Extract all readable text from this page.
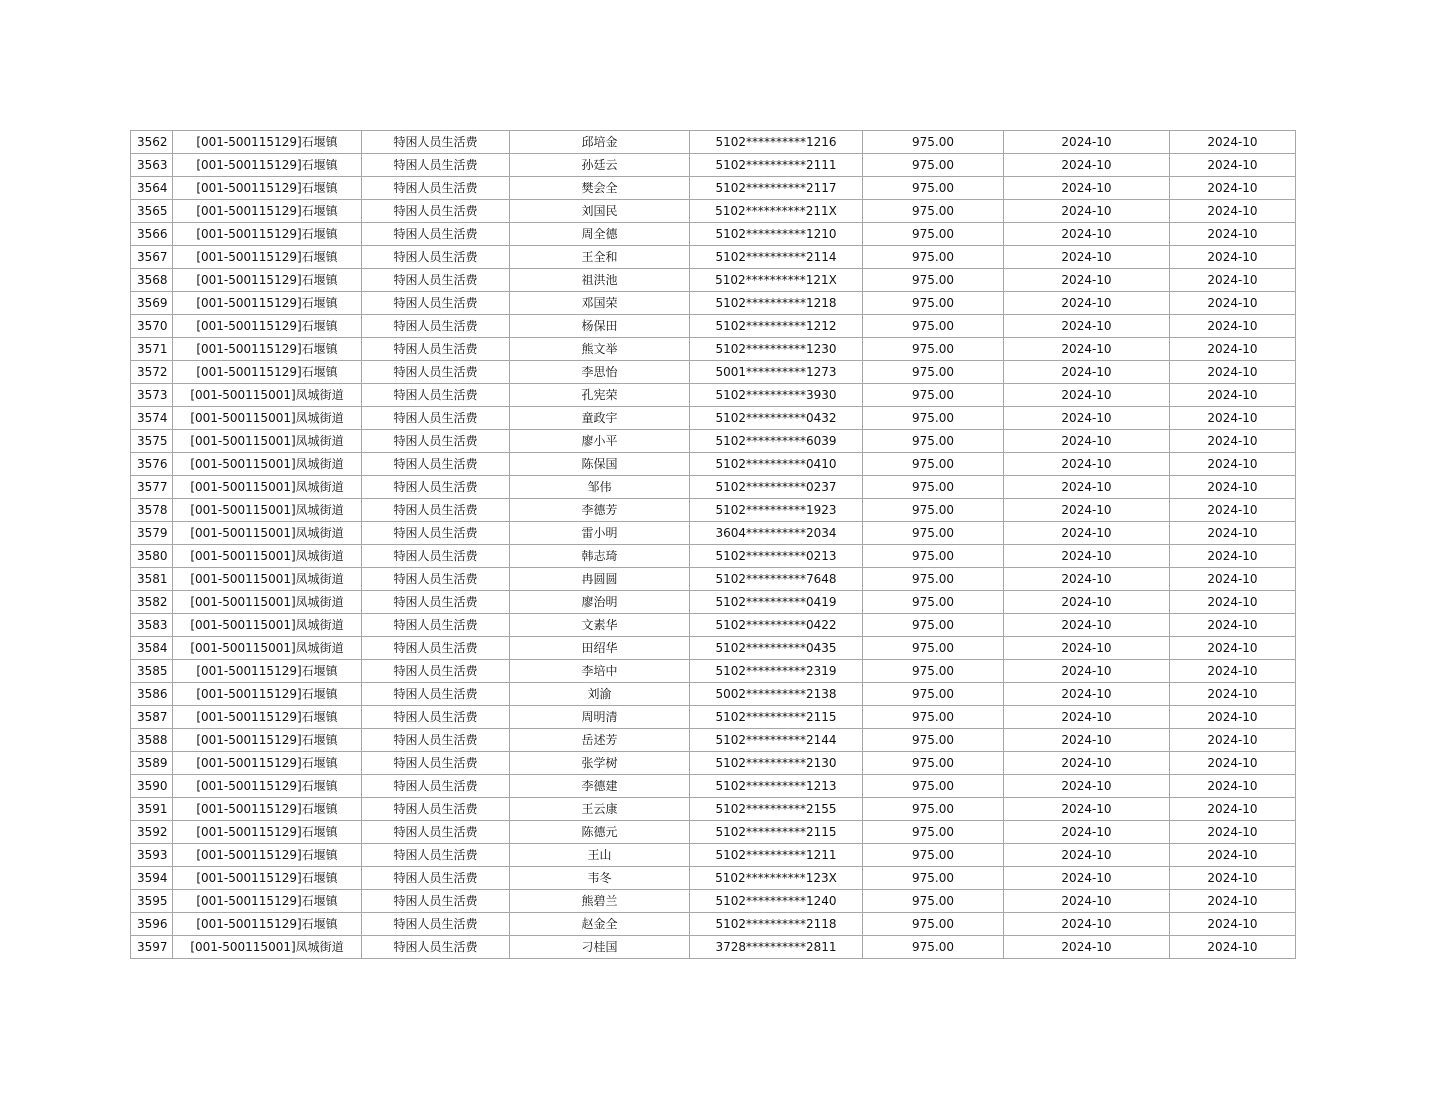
3562	[001-500115129]石堰镇	特困人员生活费	邱培金	5102**********1216	975.00	2024-10	2024-10
3563	[001-500115129]石堰镇	特困人员生活费	孙廷云	5102**********2111	975.00	2024-10	2024-10
3564	[001-500115129]石堰镇	特困人员生活费	樊会全	5102**********2117	975.00	2024-10	2024-10
3565	[001-500115129]石堰镇	特困人员生活费	刘国民	5102**********211X	975.00	2024-10	2024-10
3566	[001-500115129]石堰镇	特困人员生活费	周全德	5102**********1210	975.00	2024-10	2024-10
3567	[001-500115129]石堰镇	特困人员生活费	王全和	5102**********2114	975.00	2024-10	2024-10
3568	[001-500115129]石堰镇	特困人员生活费	祖洪池	5102**********121X	975.00	2024-10	2024-10
3569	[001-500115129]石堰镇	特困人员生活费	邓国荣	5102**********1218	975.00	2024-10	2024-10
3570	[001-500115129]石堰镇	特困人员生活费	杨保田	5102**********1212	975.00	2024-10	2024-10
3571	[001-500115129]石堰镇	特困人员生活费	熊文举	5102**********1230	975.00	2024-10	2024-10
3572	[001-500115129]石堰镇	特困人员生活费	李思怡	5001**********1273	975.00	2024-10	2024-10
3573	[001-500115001]凤城街道	特困人员生活费	孔宪荣	5102**********3930	975.00	2024-10	2024-10
3574	[001-500115001]凤城街道	特困人员生活费	童政宇	5102**********0432	975.00	2024-10	2024-10
3575	[001-500115001]凤城街道	特困人员生活费	廖小平	5102**********6039	975.00	2024-10	2024-10
3576	[001-500115001]凤城街道	特困人员生活费	陈保国	5102**********0410	975.00	2024-10	2024-10
3577	[001-500115001]凤城街道	特困人员生活费	邹伟	5102**********0237	975.00	2024-10	2024-10
3578	[001-500115001]凤城街道	特困人员生活费	李德芳	5102**********1923	975.00	2024-10	2024-10
3579	[001-500115001]凤城街道	特困人员生活费	雷小明	3604**********2034	975.00	2024-10	2024-10
3580	[001-500115001]凤城街道	特困人员生活费	韩志琦	5102**********0213	975.00	2024-10	2024-10
3581	[001-500115001]凤城街道	特困人员生活费	冉圆圆	5102**********7648	975.00	2024-10	2024-10
3582	[001-500115001]凤城街道	特困人员生活费	廖治明	5102**********0419	975.00	2024-10	2024-10
3583	[001-500115001]凤城街道	特困人员生活费	文素华	5102**********0422	975.00	2024-10	2024-10
3584	[001-500115001]凤城街道	特困人员生活费	田绍华	5102**********0435	975.00	2024-10	2024-10
3585	[001-500115129]石堰镇	特困人员生活费	李培中	5102**********2319	975.00	2024-10	2024-10
3586	[001-500115129]石堰镇	特困人员生活费	刘渝	5002**********2138	975.00	2024-10	2024-10
3587	[001-500115129]石堰镇	特困人员生活费	周明清	5102**********2115	975.00	2024-10	2024-10
3588	[001-500115129]石堰镇	特困人员生活费	岳述芳	5102**********2144	975.00	2024-10	2024-10
3589	[001-500115129]石堰镇	特困人员生活费	张学树	5102**********2130	975.00	2024-10	2024-10
3590	[001-500115129]石堰镇	特困人员生活费	李德建	5102**********1213	975.00	2024-10	2024-10
3591	[001-500115129]石堰镇	特困人员生活费	王云康	5102**********2155	975.00	2024-10	2024-10
3592	[001-500115129]石堰镇	特困人员生活费	陈德元	5102**********2115	975.00	2024-10	2024-10
3593	[001-500115129]石堰镇	特困人员生活费	王山	5102**********1211	975.00	2024-10	2024-10
3594	[001-500115129]石堰镇	特困人员生活费	韦冬	5102**********123X	975.00	2024-10	2024-10
3595	[001-500115129]石堰镇	特困人员生活费	熊碧兰	5102**********1240	975.00	2024-10	2024-10
3596	[001-500115129]石堰镇	特困人员生活费	赵金全	5102**********2118	975.00	2024-10	2024-10
3597	[001-500115001]凤城街道	特困人员生活费	刁桂国	3728**********2811	975.00	2024-10	2024-10
